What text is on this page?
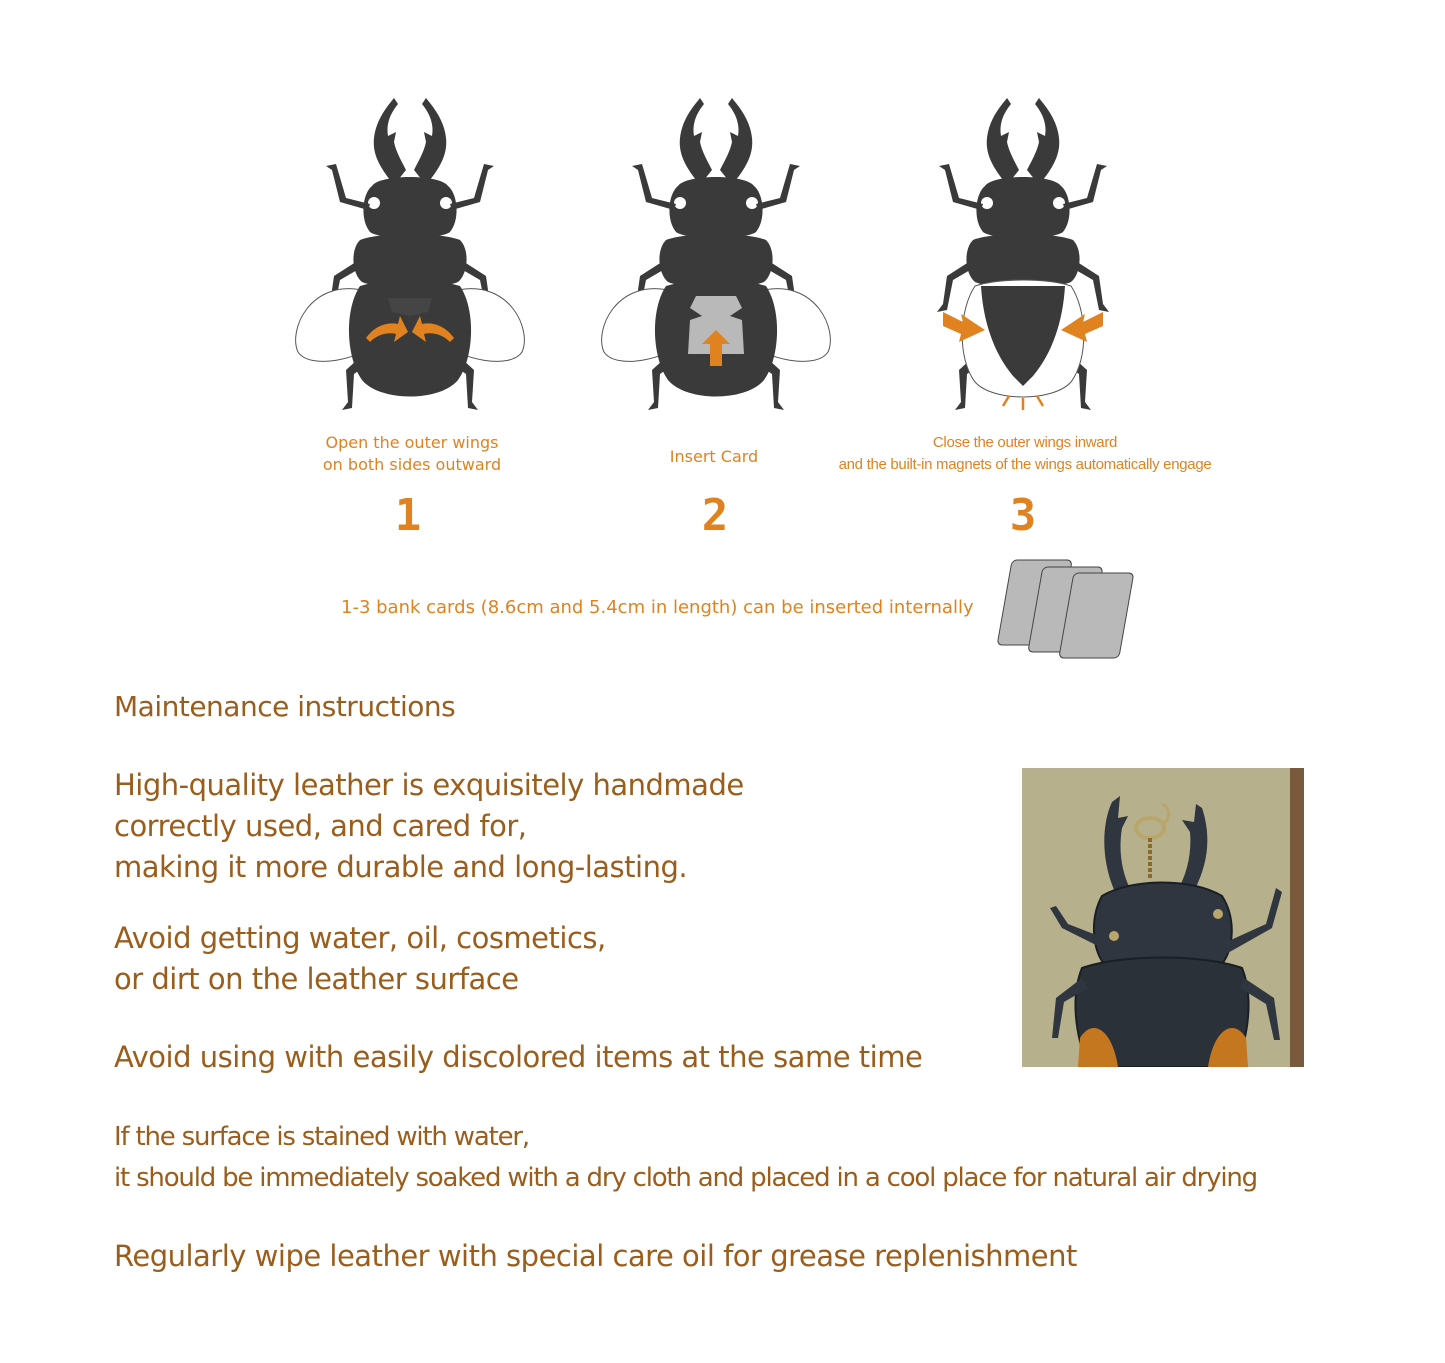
Open the outer wings
on both sides outward	Insert Card
Close the outer wings inward
and the built-in magnets of the wings automatically engage
1	2	3
1-3 bank cards (8.6cm and 5.4cm in length) can be inserted internally
Maintenance instructions
High-quality leather is exquisitely handmade
correctly used, and cared for,
making it more durable and long-lasting.
Avoid getting water, oil, cosmetics,
or dirt on the leather surface
Avoid using with easily discolored items at the same time
If the surface is stained with water,
it should be immediately soaked with a dry cloth and placed in a cool place for natural air drying
Regularly wipe leather with special care oil for grease replenishment
